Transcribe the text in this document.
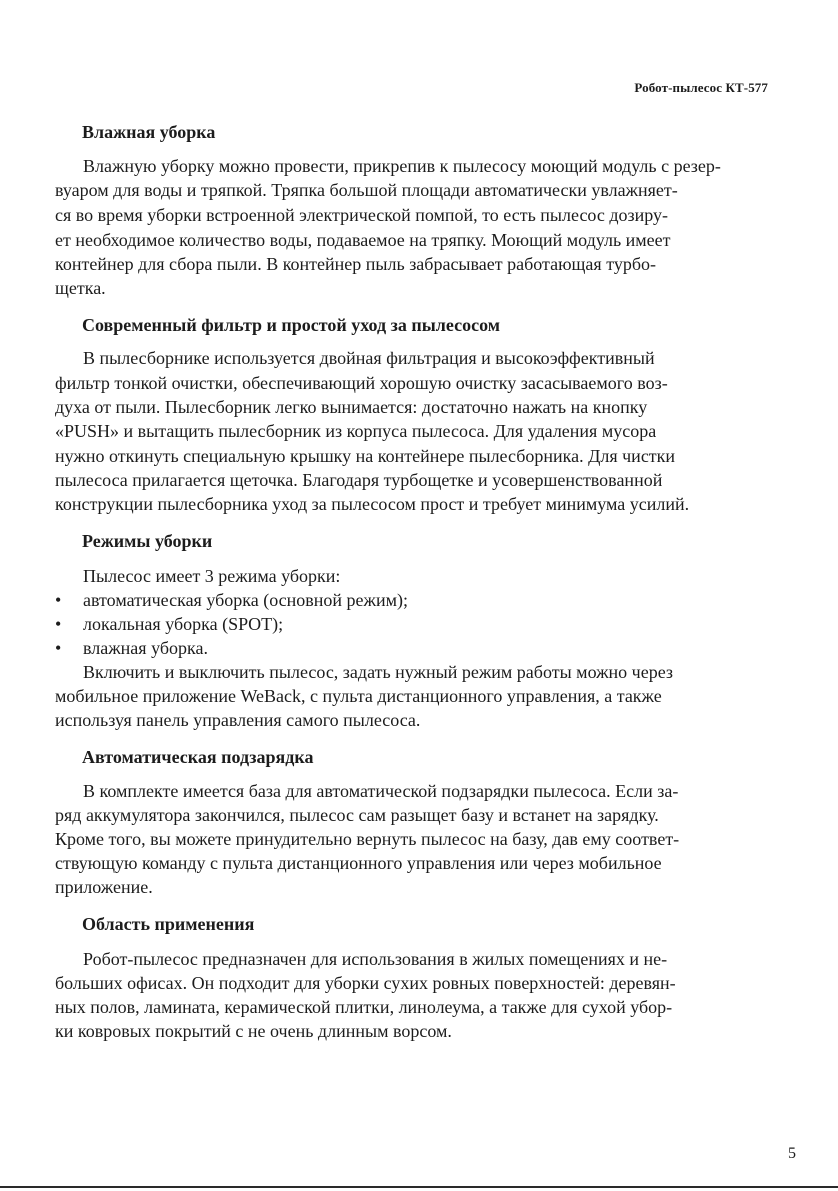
Робот-пылесос КТ-577
Влажная уборка
Влажную уборку можно провести, прикрепив к пылесосу моющий модуль с резер-
вуаром для воды и тряпкой. Тряпка большой площади автоматически увлажняет-
ся во время уборки встроенной электрической помпой, то есть пылесос дозиру-
ет необходимое количество воды, подаваемое на тряпку. Моющий модуль имеет
контейнер для сбора пыли. В контейнер пыль забрасывает работающая турбо-
щетка.
Современный фильтр и простой уход за пылесосом
В пылесборнике используется двойная фильтрация и высокоэффективный
фильтр тонкой очистки, обеспечивающий хорошую очистку засасываемого воз-
духа от пыли. Пылесборник легко вынимается: достаточно нажать на кнопку
«PUSH» и вытащить пылесборник из корпуса пылесоса. Для удаления мусора
нужно откинуть специальную крышку на контейнере пылесборника. Для чистки
пылесоса прилагается щеточка. Благодаря турбощетке и усовершенствованной
конструкции пылесборника уход за пылесосом прост и требует минимума усилий.
Режимы уборки
Пылесос имеет 3 режима уборки:
• автоматическая уборка (основной режим);
• локальная уборка (SPOT);
• влажная уборка.
Включить и выключить пылесос, задать нужный режим работы можно через
мобильное приложение WeBack, с пульта дистанционного управления, а также
используя панель управления самого пылесоса.
Автоматическая подзарядка
В комплекте имеется база для автоматической подзарядки пылесоса. Если за-
ряд аккумулятора закончился, пылесос сам разыщет базу и встанет на зарядку.
Кроме того, вы можете принудительно вернуть пылесос на базу, дав ему соответ-
ствующую команду с пульта дистанционного управления или через мобильное
приложение.
Область применения
Робот-пылесос предназначен для использования в жилых помещениях и не-
больших офисах. Он подходит для уборки сухих ровных поверхностей: деревян-
ных полов, ламината, керамической плитки, линолеума, а также для сухой убор-
ки ковровых покрытий с не очень длинным ворсом.
5
